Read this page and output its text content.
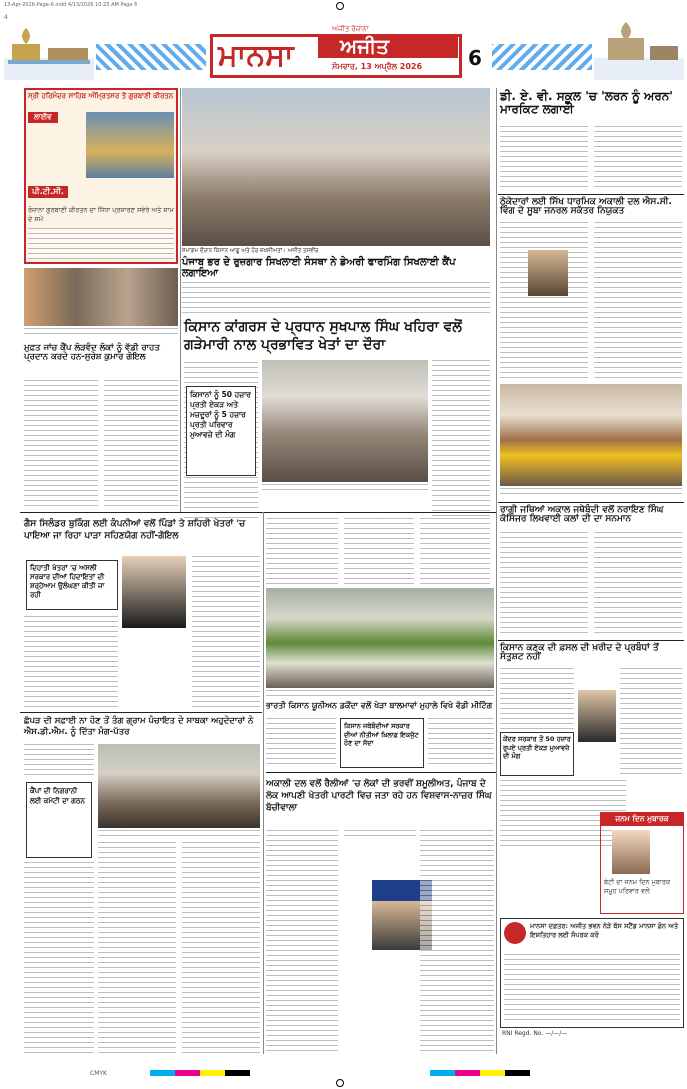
13-Apr-2026-Page-6.indd 4/13/2026 10:25 AM Page 6
4
ਅਜੀਤ ਰੋਜ਼ਾਨਾ
ਮਾਨਸਾ ਅਜੀਤ
ਸੋਮਵਾਰ, 13 ਅਪ੍ਰੈਲ 2026 6
ਸ੍ਰੀ ਹਰਿਮੰਦਰ ਸਾਹਿਬ ਅੰਮ੍ਰਿਤਸਰ ਤੋਂ ਗੁਰਬਾਣੀ ਕੀਰਤਨ
ਲਾਈਵ
ਪੀ.ਟੀ.ਸੀ.
ਰੋਜ਼ਾਨਾ ਗੁਰਬਾਣੀ ਕੀਰਤਨ ਦਾ ਸਿੱਧਾ ਪ੍ਰਸਾਰਣ ਸਵੇਰੇ ਅਤੇ ਸ਼ਾਮ ਦੇ ਸਮੇਂ
ਸਮਾਗਮ ਦੌਰਾਨ ਕਿਸਾਨ ਆਗੂ ਅਤੇ ਹੋਰ ਸ਼ਖ਼ਸੀਅਤਾਂ। ਅਜੀਤ ਤਸਵੀਰ
ਪੰਜਾਬ ਭਰ ਦੇ ਰੁਜ਼ਗਾਰ ਸਿਖਲਾਈ ਸੰਸਥਾ ਨੇ ਡੇਅਰੀ ਫਾਰਮਿੰਗ ਸਿਖਲਾਈ ਕੈਂਪ ਲਗਾਇਆ
ਡੀ. ਏ. ਵੀ. ਸਕੂਲ 'ਚ 'ਲਰਨ ਨੂੰ ਅਰਨ' ਮਾਰਕਿਟ ਲਗਾਈ
ਠੇਕੇਦਾਰਾਂ ਲਈ ਸਿੱਖ ਧਾਰਮਿਕ ਅਕਾਲੀ ਦਲ ਐਸ.ਸੀ. ਵਿੰਗ ਦੇ ਸੂਬਾ ਜਨਰਲ ਸਕੱਤਰ ਨਿਯੁਕਤ
ਮੁਫ਼ਤ ਜਾਂਚ ਕੈਂਪ ਲੋੜਵੰਦ ਲੋਕਾਂ ਨੂੰ ਵੱਡੀ ਰਾਹਤ ਪ੍ਰਦਾਨ ਕਰਦੇ ਹਨ-ਸੁਰੇਸ਼ ਕੁਮਾਰ ਗੋਇਲ
ਕਿਸਾਨ ਕਾਂਗਰਸ ਦੇ ਪ੍ਰਧਾਨ ਸੁਖਪਾਲ ਸਿੰਘ ਖਹਿਰਾ ਵਲੋਂ ਗੜੇਮਾਰੀ ਨਾਲ ਪ੍ਰਭਾਵਿਤ ਖੇਤਾਂ ਦਾ ਦੌਰਾ
ਕਿਸਾਨਾਂ ਨੂੰ 50 ਹਜ਼ਾਰ ਪ੍ਰਤੀ ਏਕੜ ਅਤੇ ਮਜ਼ਦੂਰਾਂ ਨੂੰ 5 ਹਜ਼ਾਰ ਪ੍ਰਤੀ ਪਰਿਵਾਰ ਮੁਆਵਜ਼ੇ ਦੀ ਮੰਗ
ਰਾਗੀ ਜਥਿਆਂ ਅਕਾਲ ਜਥੇਬੰਦੀ ਵਲੋਂ ਨਰਾਇਣ ਸਿੰਘ ਕੋਸਿੰਜਰ ਲਿਖਵਾਈ ਕਲਾਂ ਦੀ ਦਾ ਸਨਮਾਨ
ਗੈਸ ਸਿਲੰਡਰ ਬੁਕਿੰਗ ਲਈ ਕੰਪਨੀਆਂ ਵਲੋਂ ਪਿੰਡਾਂ ਤੇ ਸ਼ਹਿਰੀ ਖੇਤਰਾਂ 'ਚ ਪਾਇਆ ਜਾ ਰਿਹਾ ਪਾੜਾ ਸਹਿਣਯੋਗ ਨਹੀਂ-ਗੋਇਲ
ਦਿਹਾਤੀ ਖੇਤਰਾਂ 'ਚ ਅਸਲੀ ਸਰਕਾਰ ਦੀਆਂ ਹਿਦਾਇਤਾਂ ਦੀ ਸ਼ਰ੍ਹੇਆਮ ਉਲੰਘਣਾ ਕੀਤੀ ਜਾ ਰਹੀ
ਭਾਰਤੀ ਕਿਸਾਨ ਯੂਨੀਅਨ ਡਕੌਂਦਾ ਵਲੋਂ ਖੇੜਾ ਬਾਲਮਾਵਾਂ ਮੁਹਾਲੇ ਵਿਖੇ ਵੱਡੀ ਮੀਟਿੰਗ
ਕਿਸਾਨ ਜਥੇਬੰਦੀਆਂ ਸਰਕਾਰ ਦੀਆਂ ਨੀਤੀਆਂ ਖ਼ਿਲਾਫ਼ ਇਕਜੁੱਟ ਹੋਣ ਦਾ ਸੱਦਾ
ਕਿਸਾਨ ਕਣਕ ਦੀ ਫ਼ਸਲ ਦੀ ਖ਼ਰੀਦ ਦੇ ਪ੍ਰਬੰਧਾਂ ਤੋਂ ਸੰਤੁਸ਼ਟ ਨਹੀਂ
ਕੇਂਦਰ ਸਰਕਾਰ ਤੋਂ 50 ਹਜ਼ਾਰ ਰੁਪਏ ਪ੍ਰਤੀ ਏਕੜ ਮੁਆਵਜ਼ੇ ਦੀ ਮੰਗ
ਛੱਪੜ ਦੀ ਸਫ਼ਾਈ ਨਾ ਹੋਣ ਤੋਂ ਤੰਗ ਗ੍ਰਾਮ ਪੰਚਾਇਤ ਦੇ ਸਾਬਕਾ ਅਹੁਦੇਦਾਰਾਂ ਨੇ ਐਸ.ਡੀ.ਐਮ. ਨੂੰ ਦਿੱਤਾ ਮੰਗ-ਪੱਤਰ
ਕੈਂਪਾਂ ਦੀ ਨਿਗਰਾਨੀ ਲਈ ਕਮੇਟੀ ਦਾ ਗਠਨ
ਅਕਾਲੀ ਦਲ ਵਲੋਂ ਰੈਲੀਆਂ 'ਚ ਲੋਕਾਂ ਦੀ ਭਰਵੀਂ ਸ਼ਮੂਲੀਅਤ, ਪੰਜਾਬ ਦੇ ਲੋਕ ਆਪਣੀ ਖੇਤਰੀ ਪਾਰਟੀ ਵਿਚ ਜਤਾ ਰਹੇ ਹਨ ਵਿਸ਼ਵਾਸ-ਨਾਜ਼ਰ ਸਿੰਘ ਬੱਚੀਵਾਲਾ
ਜਨਮ ਦਿਨ ਮੁਬਾਰਕ
ਬੇਟੀ ਦਾ ਜਨਮ ਦਿਨ ਮੁਬਾਰਕ ਸਮੂਹ ਪਰਿਵਾਰ ਵਲੋਂ
ਮਾਨਸਾ ਦਫ਼ਤਰ: ਅਜੀਤ ਭਵਨ ਨੇੜੇ ਬੱਸ ਸਟੈਂਡ ਮਾਨਸਾ ਫ਼ੋਨ ਅਤੇ ਇਸ਼ਤਿਹਾਰ ਲਈ ਸੰਪਰਕ ਕਰੋ
RNI Regd. No. —/—/—
CMYK
